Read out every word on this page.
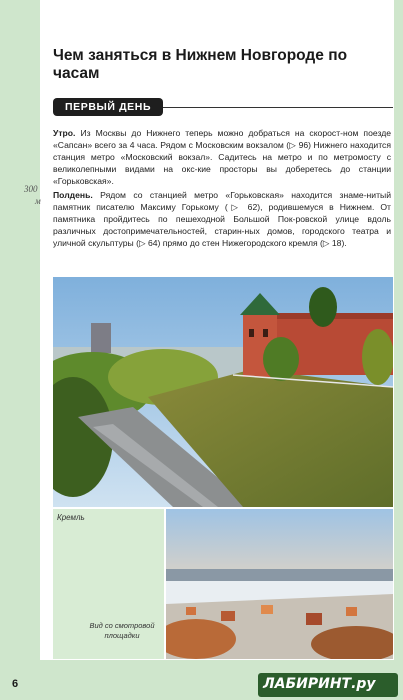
300
м
Чем заняться в Нижнем Новгороде по часам
ПЕРВЫЙ ДЕНЬ
Утро. Из Москвы до Нижнего теперь можно добраться на скорост-ном поезде «Сапсан» всего за 4 часа. Рядом с Московским вокзалом (▷ 96) Нижнего находится станция метро «Московский вокзал». Садитесь на метро и по метромосту с великолепными видами на окс-кие просторы вы доберетесь до станции «Горьковская».
Полдень. Рядом со станцией метро «Горьковская» находится знаме-нитый памятник писателю Максиму Горькому (▷ 62), родившемуся в Нижнем. От памятника пройдитесь по пешеходной Большой Пок-ровской улице вдоль различных достопримечательностей, старин-ных домов, городского театра и уличной скульптуры (▷ 64) прямо до стен Нижегородского кремля (▷ 18).
Кремль
Вид со смотровой площадки
6	ЛАБИРИНТ.ру
